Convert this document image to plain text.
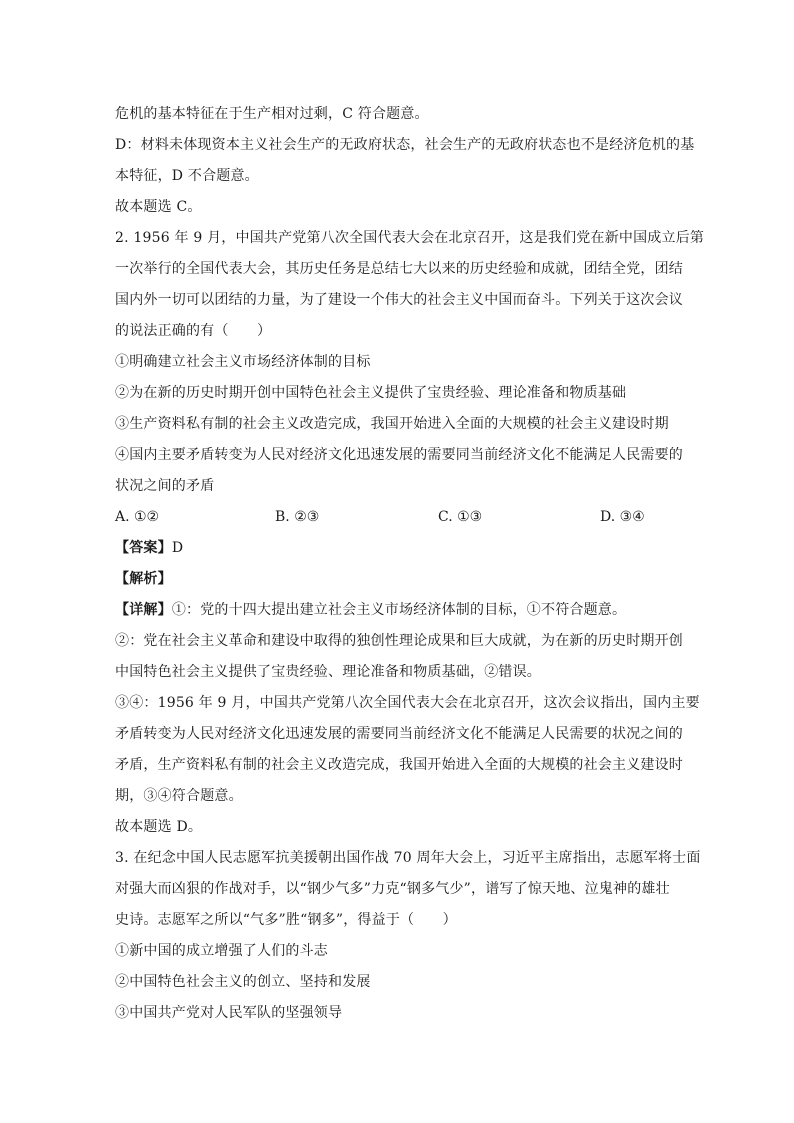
危机的基本特征在于生产相对过剩，C 符合题意。
D：材料未体现资本主义社会生产的无政府状态，社会生产的无政府状态也不是经济危机的基
本特征，D 不合题意。
故本题选 C。
2. 1956 年 9 月，中国共产党第八次全国代表大会在北京召开，这是我们党在新中国成立后第
一次举行的全国代表大会，其历史任务是总结七大以来的历史经验和成就，团结全党，团结
国内外一切可以团结的力量，为了建设一个伟大的社会主义中国而奋斗。下列关于这次会议
的说法正确的有（　　）
①明确建立社会主义市场经济体制的目标
②为在新的历史时期开创中国特色社会主义提供了宝贵经验、理论准备和物质基础
③生产资料私有制的社会主义改造完成，我国开始进入全面的大规模的社会主义建设时期
④国内主要矛盾转变为人民对经济文化迅速发展的需要同当前经济文化不能满足人民需要的
状况之间的矛盾
A. ①②	B. ②③	C. ①③	D. ③④
【答案】D
【解析】
【详解】①：党的十四大提出建立社会主义市场经济体制的目标，①不符合题意。
②：党在社会主义革命和建设中取得的独创性理论成果和巨大成就，为在新的历史时期开创
中国特色社会主义提供了宝贵经验、理论准备和物质基础，②错误。
③④：1956 年 9 月，中国共产党第八次全国代表大会在北京召开，这次会议指出，国内主要
矛盾转变为人民对经济文化迅速发展的需要同当前经济文化不能满足人民需要的状况之间的
矛盾，生产资料私有制的社会主义改造完成，我国开始进入全面的大规模的社会主义建设时
期，③④符合题意。
故本题选 D。
3. 在纪念中国人民志愿军抗美援朝出国作战 70 周年大会上，习近平主席指出，志愿军将士面
对强大而凶狠的作战对手，以“钢少气多”力克“钢多气少”，谱写了惊天地、泣鬼神的雄壮
史诗。志愿军之所以“气多”胜“钢多”，得益于（　　）
①新中国的成立增强了人们的斗志
②中国特色社会主义的创立、坚持和发展
③中国共产党对人民军队的坚强领导
